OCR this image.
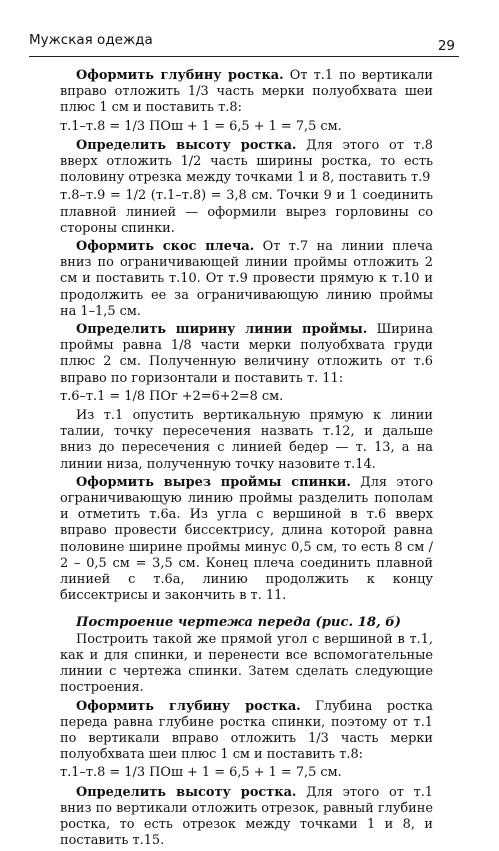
Мужская одежда	29

Оформить глубину ростка. От т.1 по вертикали вправо отложить 1/3 часть мерки полуобхвата шеи плюс 1 см и поставить т.8:

т.1–т.8 = 1/3 ПОш + 1 = 6,5 + 1 = 7,5 см.

Определить высоту ростка. Для этого от т.8 вверх отложить 1/2 часть ширины ростка, то есть половину отрезка между точками 1 и 8, поставить т.9

т.8–т.9 = 1/2 (т.1–т.8) = 3,8 см. Точки 9 и 1 соединить плавной линией — оформили вырез горловины со стороны спинки.

Оформить скос плеча. От т.7 на линии плеча вниз по ограничивающей линии проймы отложить 2 см и поставить т.10. От т.9 провести прямую к т.10 и продолжить ее за ограничивающую линию проймы на 1–1,5 см.

Определить ширину линии проймы. Ширина проймы равна 1/8 части мерки полуобхвата груди плюс 2 см. Полученную величину отложить от т.6 вправо по горизонтали и поставить т. 11:

т.6–т.1 = 1/8 ПОг +2=6+2=8 см.

Из т.1 опустить вертикальную прямую к линии талии, точку пересечения назвать т.12, и дальше вниз до пересечения с линией бедер — т. 13, а на линии низа, полученную точку назовите т.14.

Оформить вырез проймы спинки. Для этого ограничивающую линию проймы разделить пополам и отметить т.6а. Из угла с вершиной в т.6 вверх вправо провести биссектрису, длина которой равна половине ширине проймы минус 0,5 см, то есть 8 см / 2 – 0,5 см = 3,5 см. Конец плеча соединить плавной линией с т.6а, линию продолжить к концу биссектрисы и закончить в т. 11.

Построение чертежа переда (рис. 18, б)

Построить такой же прямой угол с вершиной в т.1, как и для спинки, и перенести все вспомогательные линии с чертежа спинки. Затем сделать следующие построения.

Оформить глубину ростка. Глубина ростка переда равна глубине ростка спинки, поэтому от т.1 по вертикали вправо отложить 1/3 часть мерки полуобхвата шеи плюс 1 см и поставить т.8:

т.1–т.8 = 1/3 ПОш + 1 = 6,5 + 1 = 7,5 см.

Определить высоту ростка. Для этого от т.1 вниз по вертикали отложить отрезок, равный глубине ростка, то есть отрезок между точками 1 и 8, и поставить т.15.
